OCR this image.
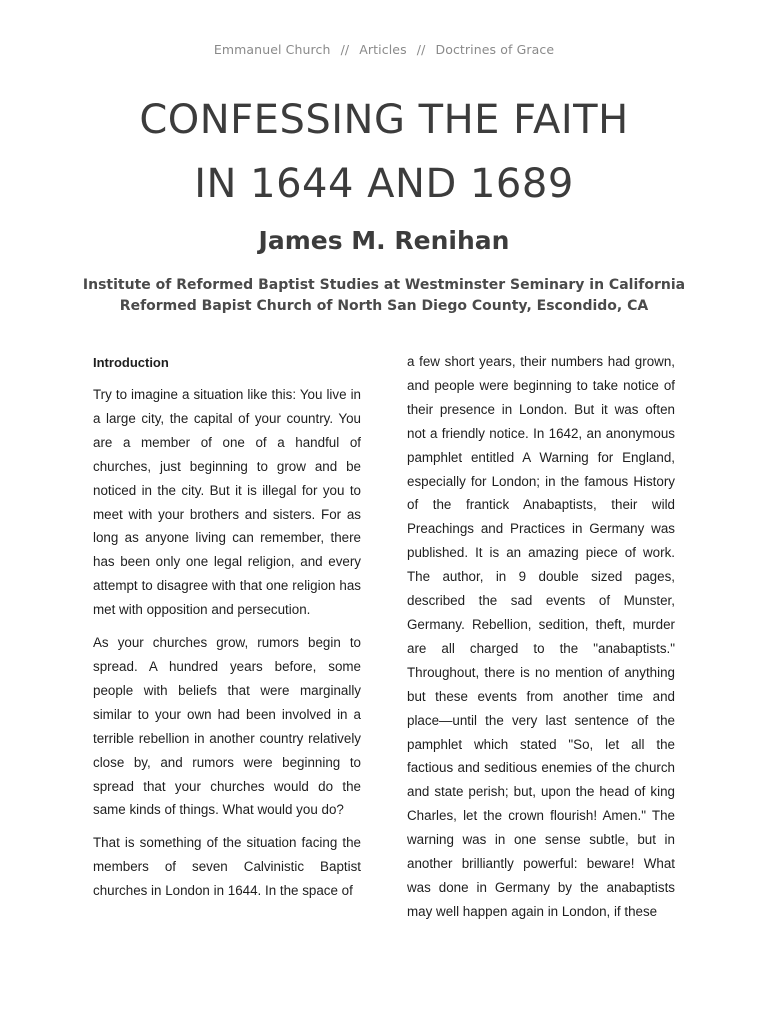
Emmanuel Church // Articles // Doctrines of Grace
CONFESSING THE FAITH
IN 1644 AND 1689
James M. Renihan
Institute of Reformed Baptist Studies at Westminster Seminary in California
Reformed Bapist Church of North San Diego County, Escondido, CA
Introduction

Try to imagine a situation like this: You live in a large city, the capital of your country. You are a member of one of a handful of churches, just beginning to grow and be noticed in the city. But it is illegal for you to meet with your brothers and sisters. For as long as anyone living can remember, there has been only one legal religion, and every attempt to disagree with that one religion has met with opposition and persecution.

As your churches grow, rumors begin to spread. A hundred years before, some people with beliefs that were marginally similar to your own had been involved in a terrible rebellion in another country relatively close by, and rumors were beginning to spread that your churches would do the same kinds of things. What would you do?

That is something of the situation facing the members of seven Calvinistic Baptist churches in London in 1644. In the space of

a few short years, their numbers had grown, and people were beginning to take notice of their presence in London. But it was often not a friendly notice. In 1642, an anonymous pamphlet entitled A Warning for England, especially for London; in the famous History of the frantick Anabaptists, their wild Preachings and Practices in Germany was published. It is an amazing piece of work. The author, in 9 double sized pages, described the sad events of Munster, Germany. Rebellion, sedition, theft, murder are all charged to the "anabaptists." Throughout, there is no mention of anything but these events from another time and place—until the very last sentence of the pamphlet which stated "So, let all the factious and seditious enemies of the church and state perish; but, upon the head of king Charles, let the crown flourish! Amen." The warning was in one sense subtle, but in another brilliantly powerful: beware! What was done in Germany by the anabaptists may well happen again in London, if these
